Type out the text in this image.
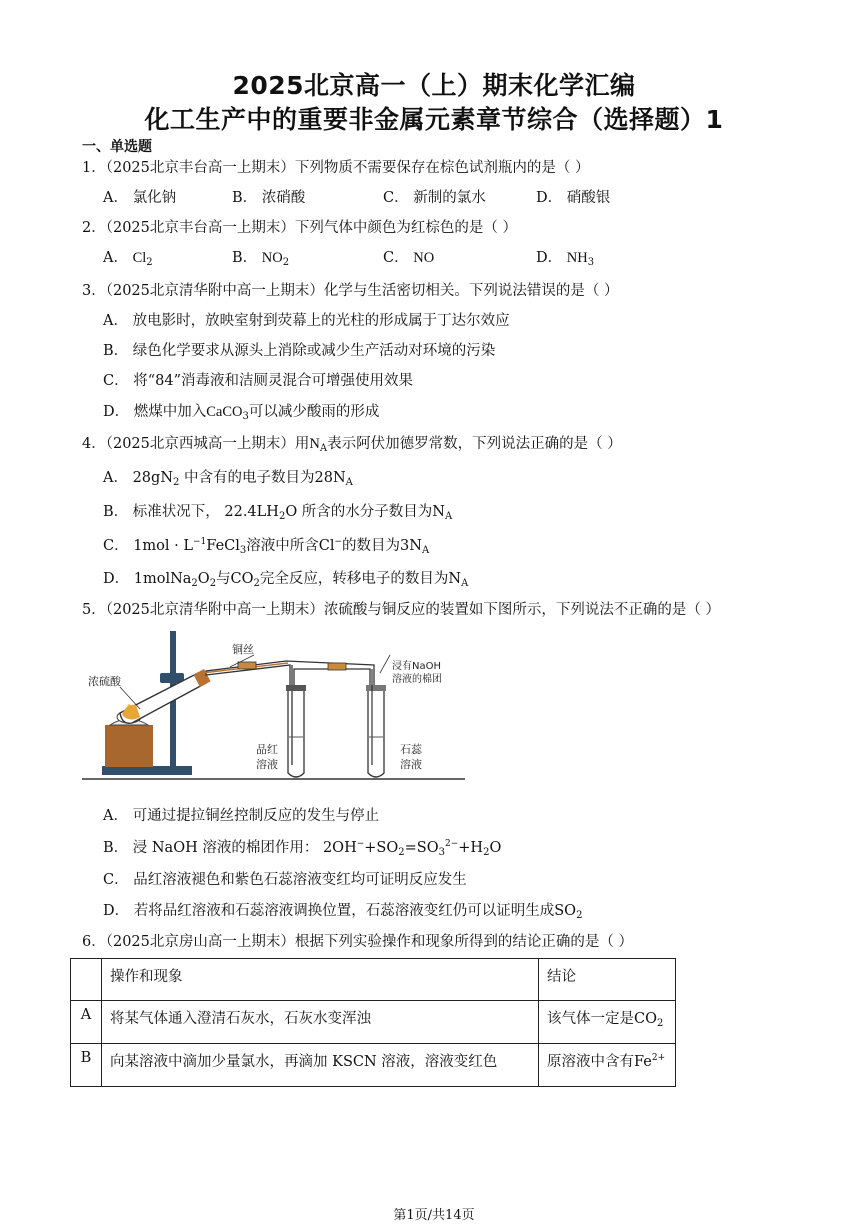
2025北京高一（上）期末化学汇编
化工生产中的重要非金属元素章节综合（选择题）1
一、单选题
1．（2025北京丰台高一上期末）下列物质不需要保存在棕色试剂瓶内的是（ ）
A． 氯化钠	B． 浓硝酸	C． 新制的氯水	D． 硝酸银
2．（2025北京丰台高一上期末）下列气体中颜色为红棕色的是（ ）
A． $Cl_2$	B． $NO_2$	C． NO	D． $NH_3$
3．（2025北京清华附中高一上期末）化学与生活密切相关。下列说法错误的是（ ）
A． 放电影时，放映室射到荧幕上的光柱的形成属于丁达尔效应
B． 绿色化学要求从源头上消除或减少生产活动对环境的污染
C． 将“84”消毒液和洁厕灵混合可增强使用效果
D． 燃煤中加入CaCO$_3$可以减少酸雨的形成
4．（2025北京西城高一上期末）用$N_A$表示阿伏加德罗常数，下列说法正确的是（ ）
A． $28gN_2$ 中含有的电子数目为$28N_A$
B． 标准状况下， $22.4LH_2O$ 所含的水分子数目为$N_A$
C． $1mol \cdot L^{-1}FeCl_3$溶液中所含Cl−的数目为$3N_A$
D． $1molNa_2O_2$与$CO_2$完全反应，转移电子的数目为$N_A$
5．（2025北京清华附中高一上期末）浓硫酸与铜反应的装置如下图所示，下列说法不正确的是（ ）
浓硫酸
铜丝
浸有NaOH
溶液的棉团
品红
溶液
石蕊
溶液
A． 可通过提拉铜丝控制反应的发生与停止
B． 浸 NaOH 溶液的棉团作用： $2OH^-+SO_2=SO_3^{2-}+H_2O$
C． 品红溶液褪色和紫色石蕊溶液变红均可证明反应发生
D． 若将品红溶液和石蕊溶液调换位置，石蕊溶液变红仍可以证明生成$SO_2$
6．（2025北京房山高一上期末）根据下列实验操作和现象所得到的结论正确的是（ ）
	操作和现象	结论
A	将某气体通入澄清石灰水，石灰水变浑浊	该气体一定是$CO_2$
B	向某溶液中滴加少量氯水，再滴加 KSCN 溶液，溶液变红色	原溶液中含有$Fe^{2+}$
第1页/共14页
